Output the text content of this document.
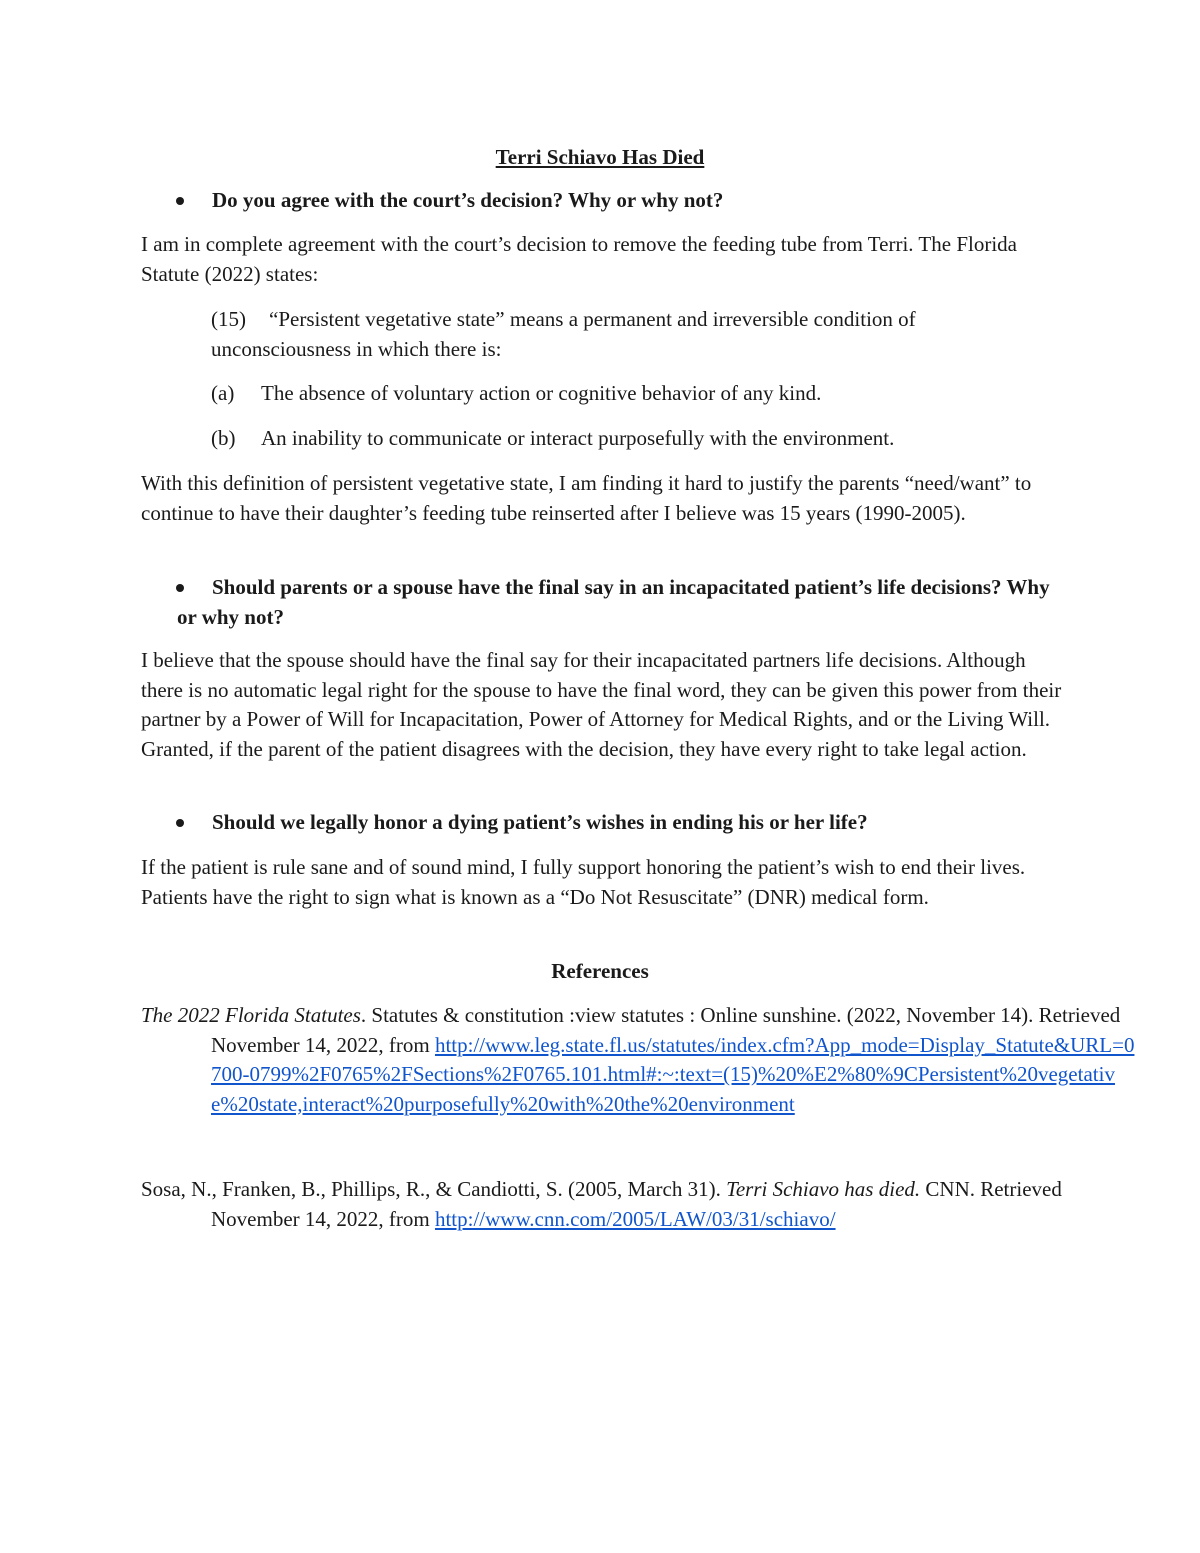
Terri Schiavo Has Died

Do you agree with the court’s decision? Why or why not?

I am in complete agreement with the court’s decision to remove the feeding tube from Terri. The Florida Statute (2022) states:

(15) “Persistent vegetative state” means a permanent and irreversible condition of unconsciousness in which there is:
(a) The absence of voluntary action or cognitive behavior of any kind.
(b) An inability to communicate or interact purposefully with the environment.

With this definition of persistent vegetative state, I am finding it hard to justify the parents “need/want” to continue to have their daughter’s feeding tube reinserted after I believe was 15 years (1990-2005).

Should parents or a spouse have the final say in an incapacitated patient’s life decisions? Why or why not?

I believe that the spouse should have the final say for their incapacitated partners life decisions. Although there is no automatic legal right for the spouse to have the final word, they can be given this power from their partner by a Power of Will for Incapacitation, Power of Attorney for Medical Rights, and or the Living Will. Granted, if the parent of the patient disagrees with the decision, they have every right to take legal action.

Should we legally honor a dying patient’s wishes in ending his or her life?

If the patient is rule sane and of sound mind, I fully support honoring the patient’s wish to end their lives. Patients have the right to sign what is known as a “Do Not Resuscitate” (DNR) medical form.

References

The 2022 Florida Statutes. Statutes & constitution :view statutes : Online sunshine. (2022, November 14). Retrieved November 14, 2022, from http://www.leg.state.fl.us/statutes/index.cfm?App_mode=Display_Statute&URL=0700-0799%2F0765%2FSections%2F0765.101.html#:~:text=(15)%20%E2%80%9CPersistent%20vegetative%20state,interact%20purposefully%20with%20the%20environment

Sosa, N., Franken, B., Phillips, R., & Candiotti, S. (2005, March 31). Terri Schiavo has died. CNN. Retrieved November 14, 2022, from http://www.cnn.com/2005/LAW/03/31/schiavo/
